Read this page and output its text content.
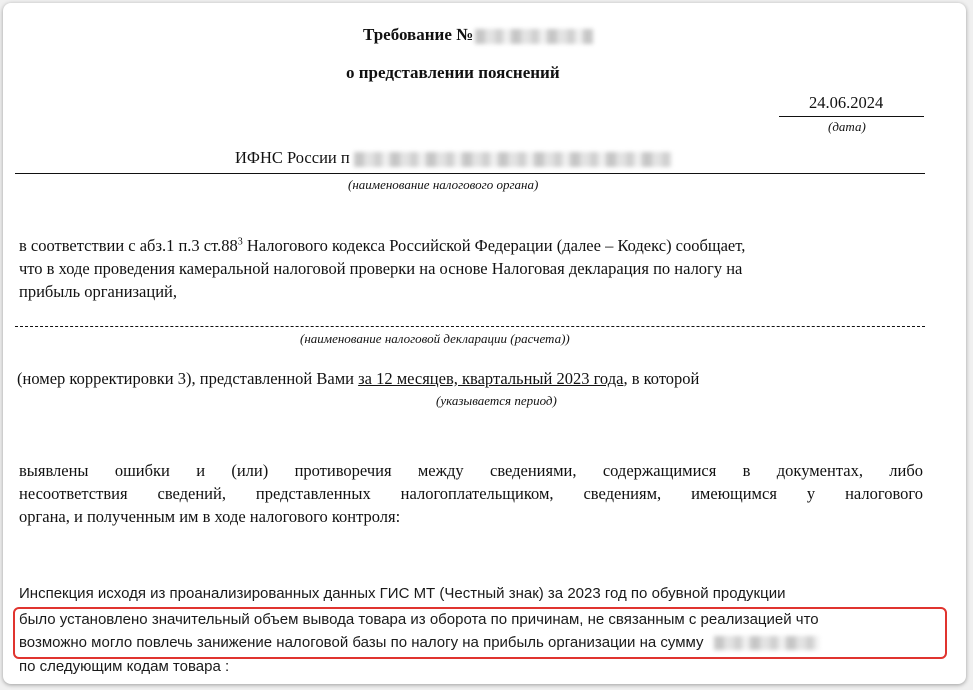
Требование №
о представлении пояснений
24.06.2024
(дата)
ИФНС России п
(наименование налогового органа)
в соответствии с абз.1 п.3 $ст.88^3$ Налогового кодекса Российской Федерации (далее – Кодекс) сообщает,
что в ходе проведения камеральной налоговой проверки на основе Налоговая декларация по налогу на
прибыль организаций,
(наименование налоговой декларации (расчета))
(номер корректировки 3), представленной Вами за 12 месяцев, квартальный 2023 года, в которой
(указывается период)
выявлены ошибки и (или) противоречия между сведениями, содержащимися в документах, либо
несоответствия сведений, представленных налогоплательщиком, сведениям, имеющимся у налогового
органа, и полученным им в ходе налогового контроля:
Инспекция исходя из проанализированных данных ГИС МТ (Честный знак) за 2023 год по обувной продукции
было установлено значительный объем вывода товара из оборота по причинам, не связанным с реализацией что
возможно могло повлечь занижение налоговой базы по налогу на прибыль организации на сумму
по следующим кодам товара :
